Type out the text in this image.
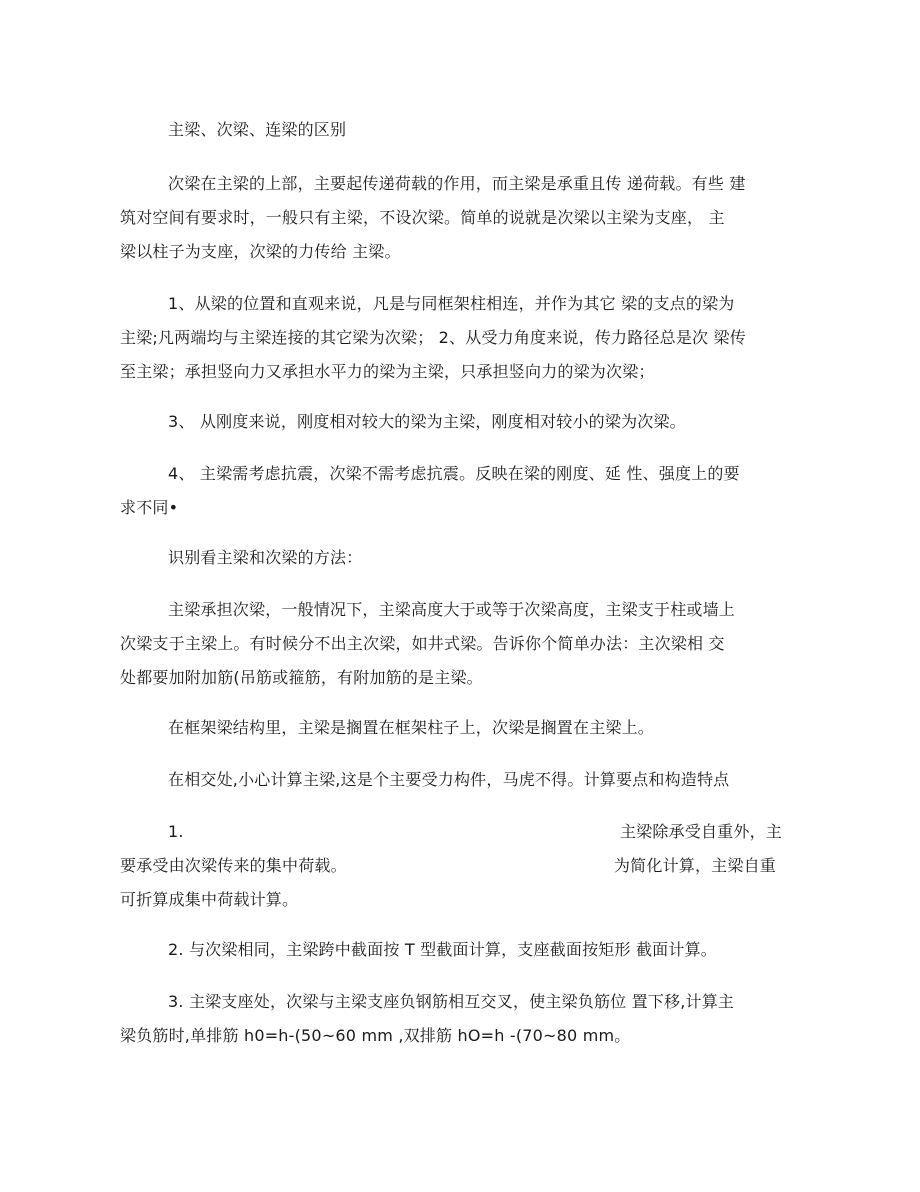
主梁、次梁、连梁的区别
次梁在主梁的上部，主要起传递荷载的作用，而主梁是承重且传 递荷载。有些 建
筑对空间有要求时，一般只有主梁，不设次梁。简单的说就是次梁以主梁为支座， 主
梁以柱子为支座，次梁的力传给 主梁。
1、从梁的位置和直观来说，凡是与同框架柱相连，并作为其它 梁的支点的梁为
主梁;凡两端均与主梁连接的其它梁为次梁； 2、从受力角度来说，传力路径总是次 梁传
至主梁；承担竖向力又承担水平力的梁为主梁，只承担竖向力的梁为次梁；
3、 从刚度来说，刚度相对较大的梁为主梁，刚度相对较小的梁为次梁。
4、 主梁需考虑抗震，次梁不需考虑抗震。反映在梁的刚度、延 性、强度上的要
求不同•
识别看主梁和次梁的方法：
主梁承担次梁，一般情况下，主梁高度大于或等于次梁高度，主梁支于柱或墙上
次梁支于主梁上。有时候分不出主次梁，如井式梁。告诉你个简单办法：主次梁相 交
处都要加附加筋(吊筋或箍筋，有附加筋的是主梁。
在框架梁结构里，主梁是搁置在框架柱子上，次梁是搁置在主梁上。
在相交处,小心计算主梁,这是个主要受力构件，马虎不得。计算要点和构造特点
1.	主梁除承受自重外，主
要承受由次梁传来的集中荷载。	为简化计算，主梁自重
可折算成集中荷载计算。
2. 与次梁相同，主梁跨中截面按 T 型截面计算，支座截面按矩形 截面计算。
3. 主梁支座处，次梁与主梁支座负钢筋相互交叉，使主梁负筋位 置下移,计算主
梁负筋时,单排筋 h0=h-(50~60 mm ,双排筋 hO=h -(70~80 mm。
